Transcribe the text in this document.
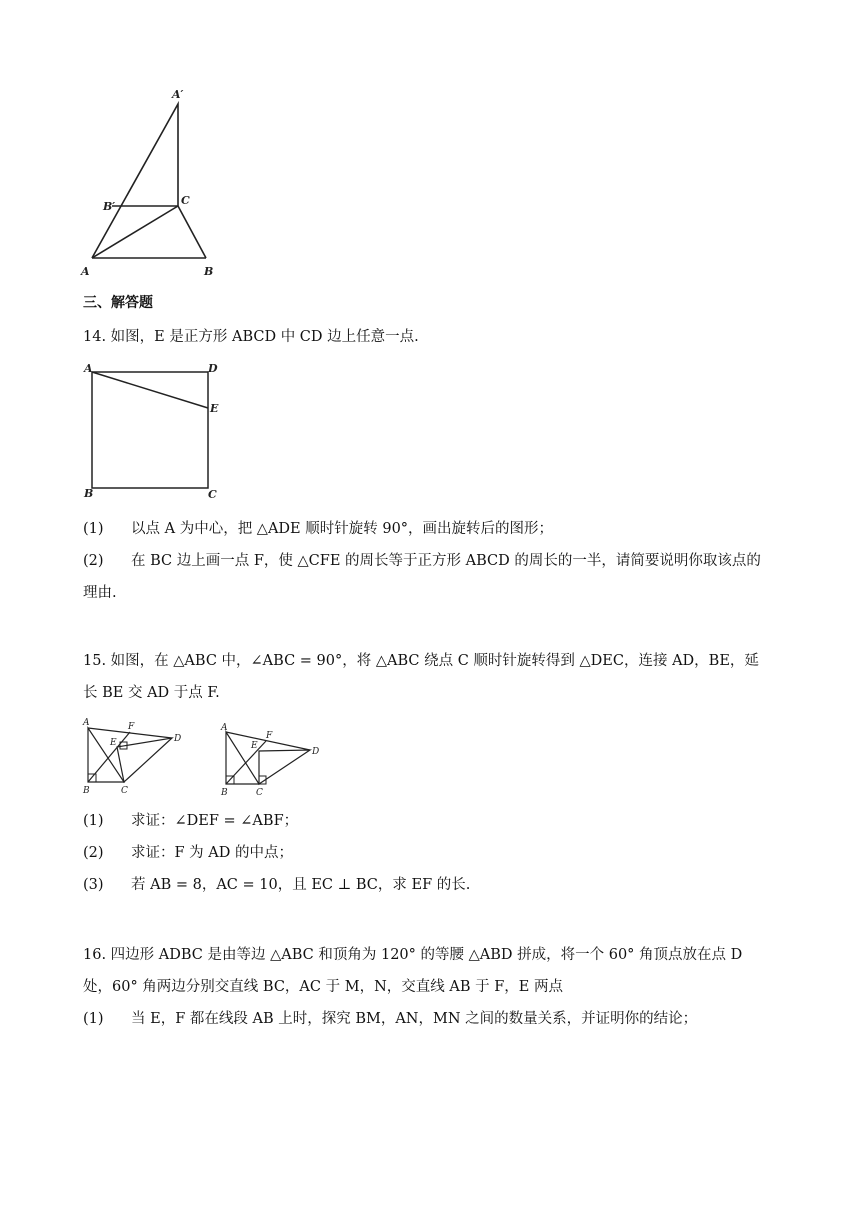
A′
B′	C
A	B
三、解答题
14. 如图，E 是正方形 ABCD 中 CD 边上任意一点.
A	D
E
B	C
(1) 以点 A 为中心，把 △ADE 顺时针旋转 90°，画出旋转后的图形；
(2) 在 BC 边上画一点 F，使 △CFE 的周长等于正方形 ABCD 的周长的一半，请简要说明你取该点的
理由.
15. 如图，在 △ABC 中，∠ABC = 90°，将 △ABC 绕点 C 顺时针旋转得到 △DEC，连接 AD，BE，延
长 BE 交 AD 于点 F.
A	F
E	D
B	C
A
F
E
D
B	C
(1) 求证：∠DEF = ∠ABF；
(2) 求证：F 为 AD 的中点；
(3) 若 AB = 8，AC = 10，且 EC ⊥ BC，求 EF 的长.
16. 四边形 ADBC 是由等边 △ABC 和顶角为 120° 的等腰 △ABD 拼成，将一个 60° 角顶点放在点 D
处，60° 角两边分别交直线 BC，AC 于 M，N，交直线 AB 于 F，E 两点
(1) 当 E，F 都在线段 AB 上时，探究 BM，AN，MN 之间的数量关系，并证明你的结论；
